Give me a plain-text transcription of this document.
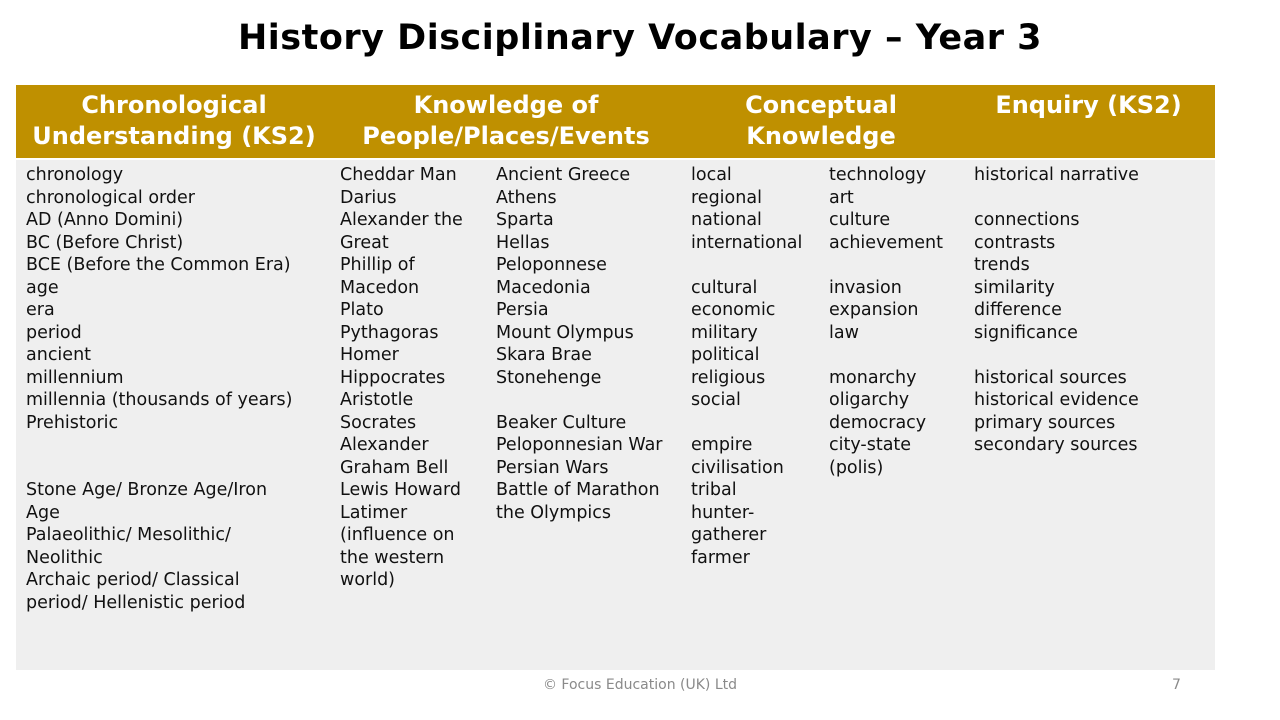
History Disciplinary Vocabulary – Year 3
Chronological Understanding (KS2)
Knowledge of People/Places/Events
Conceptual Knowledge
Enquiry (KS2)
chronology
chronological order
AD (Anno Domini)
BC (Before Christ)
BCE (Before the Common Era)
age
era
period
ancient
millennium
millennia (thousands of years)
Prehistoric
Stone Age/ Bronze Age/Iron
Age
Palaeolithic/ Mesolithic/
Neolithic
Archaic period/ Classical
period/ Hellenistic period
Cheddar Man
Darius
Alexander the
Great
Phillip of
Macedon
Plato
Pythagoras
Homer
Hippocrates
Aristotle
Socrates
Alexander
Graham Bell
Lewis Howard
Latimer
(influence on
the western
world)
Ancient Greece
Athens
Sparta
Hellas
Peloponnese
Macedonia
Persia
Mount Olympus
Skara Brae
Stonehenge
Beaker Culture
Peloponnesian War
Persian Wars
Battle of Marathon
the Olympics
local
regional
national
international
cultural
economic
military
political
religious
social
empire
civilisation
tribal
hunter-
gatherer
farmer
technology
art
culture
achievement
invasion
expansion
law
monarchy
oligarchy
democracy
city-state
(polis)
historical narrative
connections
contrasts
trends
similarity
difference
significance
historical sources
historical evidence
primary sources
secondary sources
© Focus Education (UK) Ltd	7
